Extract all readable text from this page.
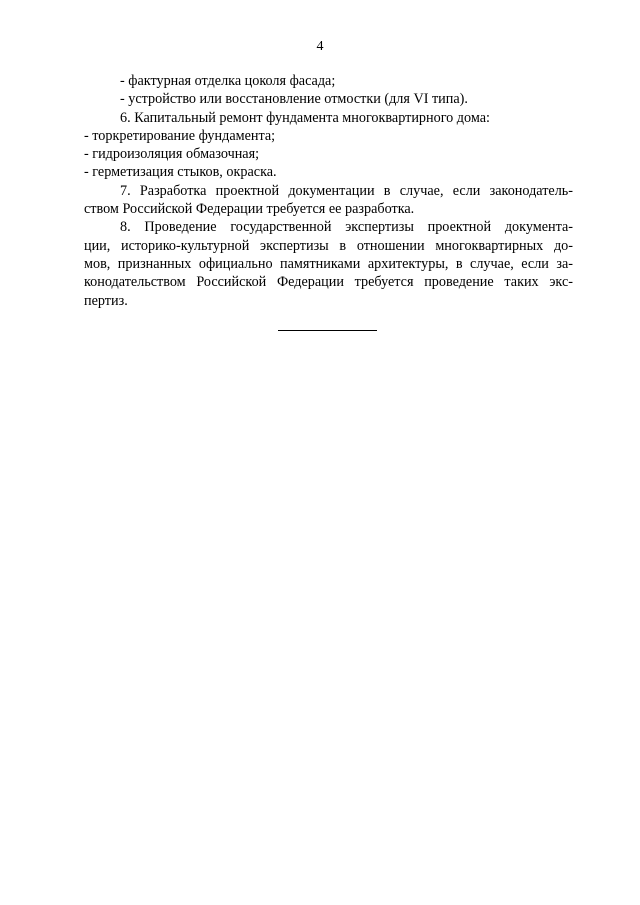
4
- фактурная отделка цоколя фасада;
- устройство или восстановление отмостки (для VI типа).
6. Капитальный ремонт фундамента многоквартирного дома:
- торкретирование фундамента;
- гидроизоляция обмазочная;
- герметизация стыков, окраска.
7. Разработка проектной документации в случае, если законодатель-
ством Российской Федерации требуется ее разработка.
8. Проведение государственной экспертизы проектной документа-
ции, историко-культурной экспертизы в отношении многоквартирных до-
мов, признанных официально памятниками архитектуры, в случае, если за-
конодательством Российской Федерации требуется проведение таких экс-
пертиз.
